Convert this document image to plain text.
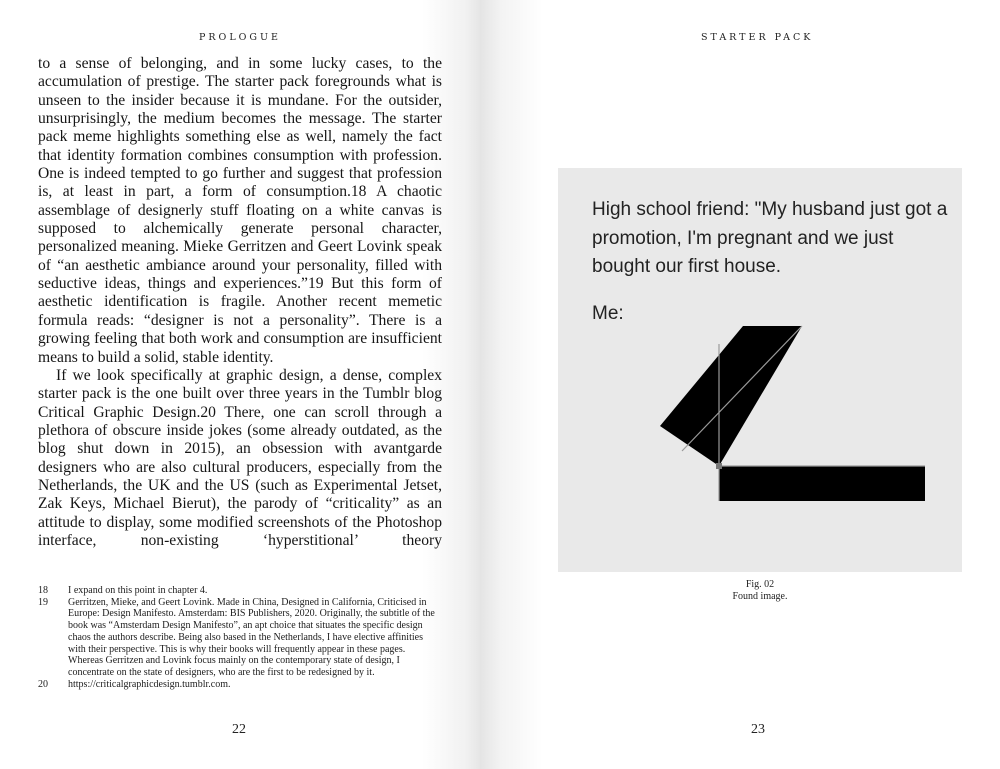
PROLOGUE

to a sense of belonging, and in some lucky cases, to the accumulation of prestige. The starter pack foregrounds what is unseen to the insider because it is mundane. For the outsider, unsurprisingly, the medium becomes the message. The starter pack meme highlights something else as well, namely the fact that identity formation combines consumption with profession. One is indeed tempted to go further and suggest that profession is, at least in part, a form of consumption.18 A chaotic assemblage of designerly stuff floating on a white canvas is supposed to alchemically generate personal character, personalized meaning. Mieke Gerritzen and Geert Lovink speak of “an aesthetic ambiance around your personality, filled with seductive ideas, things and experiences.”19 But this form of aesthetic identification is fragile. Another recent memetic formula reads: “designer is not a personality”. There is a growing feeling that both work and consumption are insufficient means to build a solid, stable identity.

If we look specifically at graphic design, a dense, complex starter pack is the one built over three years in the Tumblr blog Critical Graphic Design.20 There, one can scroll through a plethora of obscure inside jokes (some already outdated, as the blog shut down in 2015), an obsession with avantgarde designers who are also cultural producers, especially from the Netherlands, the UK and the US (such as Experimental Jetset, Zak Keys, Michael Bierut), the parody of “criticality” as an attitude to display, some modified screenshots of the Photoshop interface, non-existing ‘hyperstitional’ theory

18	I expand on this point in chapter 4.
19	Gerritzen, Mieke, and Geert Lovink. Made in China, Designed in California, Criticised in Europe: Design Manifesto. Amsterdam: BIS Publishers, 2020. Originally, the subtitle of the book was “Amsterdam Design Manifesto”, an apt choice that situates the specific design chaos the authors describe. Being also based in the Netherlands, I have elective affinities with their perspective. This is why their books will frequently appear in these pages. Whereas Gerritzen and Lovink focus mainly on the contemporary state of design, I concentrate on the state of designers, who are the first to be redesigned by it.
20	https://criticalgraphicdesign.tumblr.com.
22
STARTER PACK
High school friend: "My husband just got a promotion, I'm pregnant and we just bought our first house.
Me:
Fig. 02
Found image.
23
